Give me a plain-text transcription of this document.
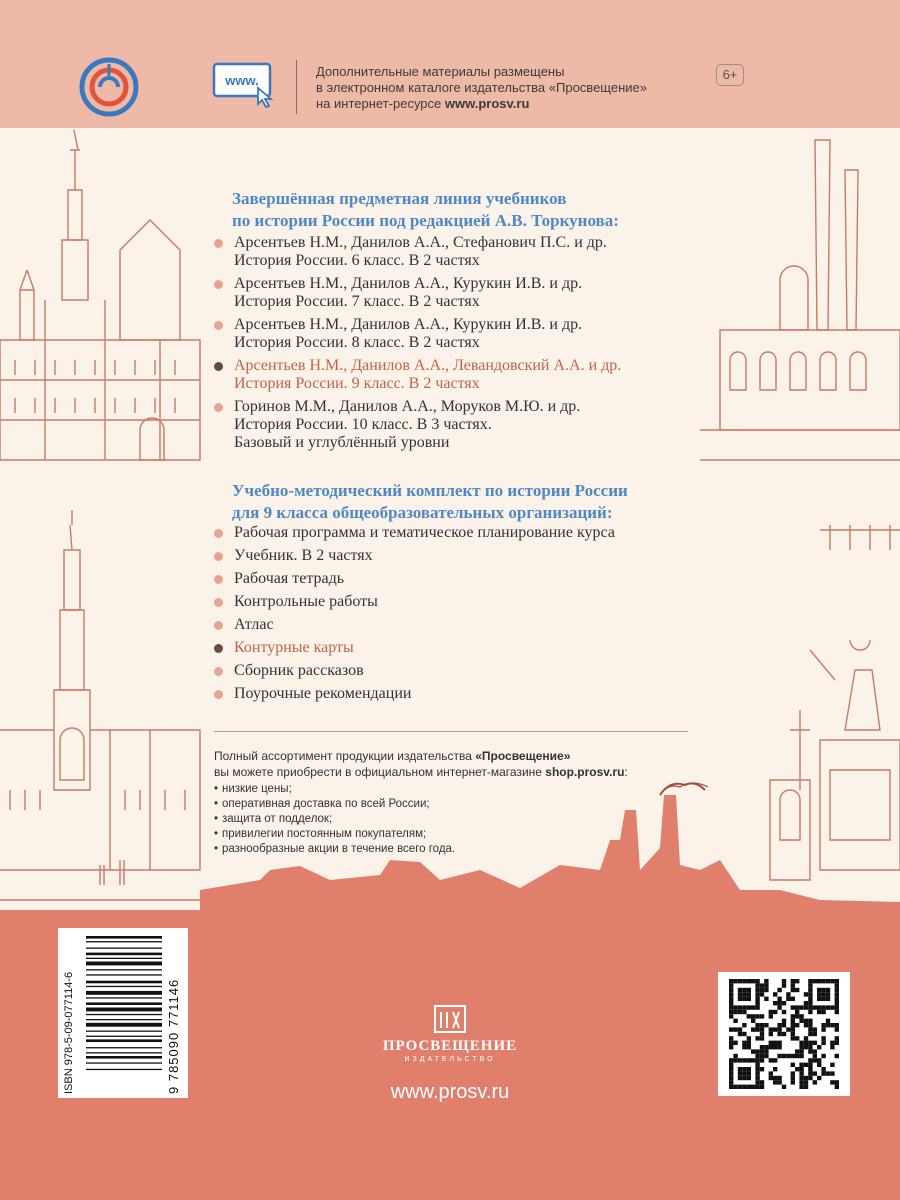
www.
Дополнительные материалы размещены
в электронном каталоге издательства «Просвещение»
на интернет-ресурсе www.prosv.ru
6+
Завершённая предметная линия учебников
по истории России под редакцией А.В. Торкунова:
Арсентьев Н.М., Данилов А.А., Стефанович П.С. и др.
История России. 6 класс. В 2 частях
Арсентьев Н.М., Данилов А.А., Курукин И.В. и др.
История России. 7 класс. В 2 частях
Арсентьев Н.М., Данилов А.А., Курукин И.В. и др.
История России. 8 класс. В 2 частях
Арсентьев Н.М., Данилов А.А., Левандовский А.А. и др.
История России. 9 класс. В 2 частях
Горинов М.М., Данилов А.А., Моруков М.Ю. и др.
История России. 10 класс. В 3 частях.
Базовый и углублённый уровни
Учебно-методический комплект по истории России
для 9 класса общеобразовательных организаций:
Рабочая программа и тематическое планирование курса
Учебник. В 2 частях
Рабочая тетрадь
Контрольные работы
Атлас
Контурные карты
Сборник рассказов
Поурочные рекомендации
Полный ассортимент продукции издательства «Просвещение»
вы можете приобрести в официальном интернет-магазине shop.prosv.ru:
• низкие цены;
• оперативная доставка по всей России;
• защита от подделок;
• привилегии постоянным покупателям;
• разнообразные акции в течение всего года.
ISBN 978-5-09-077114-6	9 785090 771146	ПРОСВЕЩЕНИЕ
ИЗДАТЕЛЬСТВО
www.prosv.ru
